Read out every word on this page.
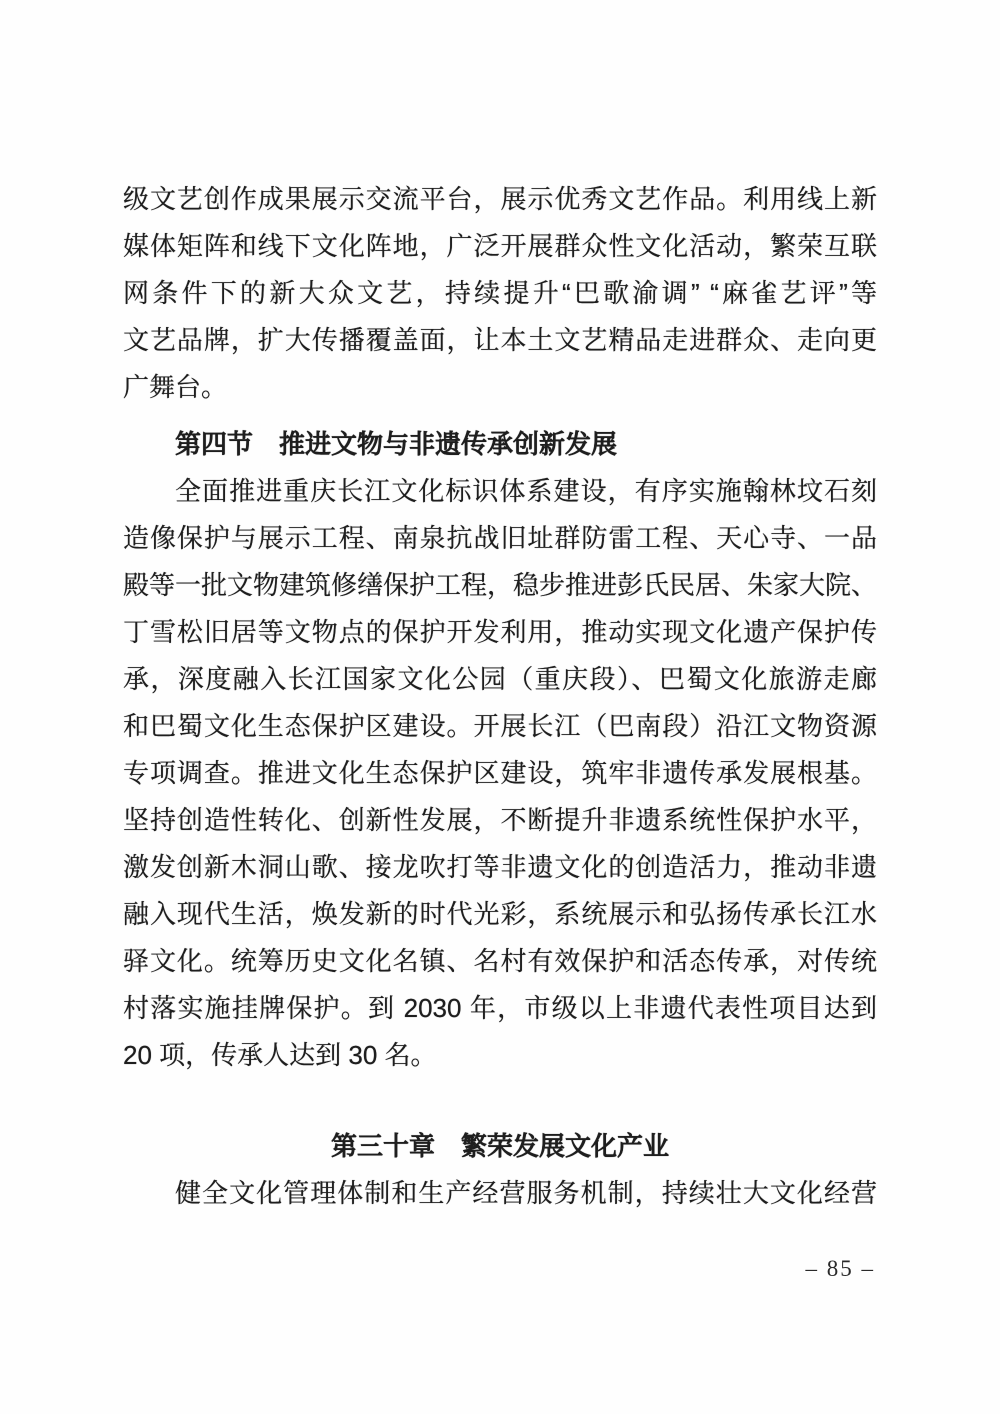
级文艺创作成果展示交流平台，展示优秀文艺作品。利用线上新
媒体矩阵和线下文化阵地，广泛开展群众性文化活动，繁荣互联
网条件下的新大众文艺，持续提升“巴歌渝调” “麻雀艺评”等
文艺品牌，扩大传播覆盖面，让本土文艺精品走进群众、走向更
广舞台。
第四节　推进文物与非遗传承创新发展
全面推进重庆长江文化标识体系建设，有序实施翰林坟石刻
造像保护与展示工程、南泉抗战旧址群防雷工程、天心寺、一品
殿等一批文物建筑修缮保护工程，稳步推进彭氏民居、朱家大院、
丁雪松旧居等文物点的保护开发利用，推动实现文化遗产保护传
承，深度融入长江国家文化公园（重庆段）、巴蜀文化旅游走廊
和巴蜀文化生态保护区建设。开展长江（巴南段）沿江文物资源
专项调查。推进文化生态保护区建设，筑牢非遗传承发展根基。
坚持创造性转化、创新性发展，不断提升非遗系统性保护水平，
激发创新木洞山歌、接龙吹打等非遗文化的创造活力，推动非遗
融入现代生活，焕发新的时代光彩，系统展示和弘扬传承长江水
驿文化。统筹历史文化名镇、名村有效保护和活态传承，对传统
村落实施挂牌保护。到 2030 年，市级以上非遗代表性项目达到
20 项，传承人达到 30 名。
第三十章　繁荣发展文化产业
健全文化管理体制和生产经营服务机制，持续壮大文化经营
– 85 –
